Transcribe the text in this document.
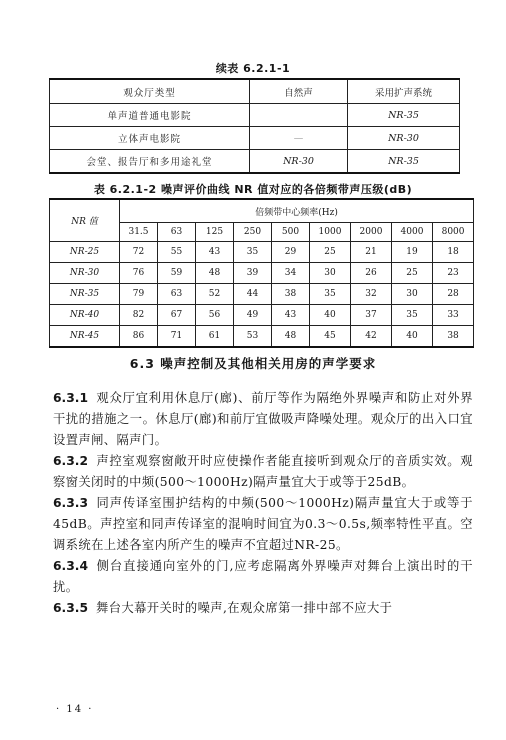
续表 6.2.1-1
观众厅类型	自然声	采用扩声系统
单声道普通电影院		NR-35
立体声电影院	—	NR-30
会堂、报告厅和多用途礼堂	NR-30	NR-35
表 6.2.1-2 噪声评价曲线 NR 值对应的各倍频带声压级(dB)
NR 值	倍频带中心频率(Hz)								
	31.5	63	125	250	500	1000	2000	4000	8000
NR-25	72	55	43	35	29	25	21	19	18
NR-30	76	59	48	39	34	30	26	25	23
NR-35	79	63	52	44	38	35	32	30	28
NR-40	82	67	56	49	43	40	37	35	33
NR-45	86	71	61	53	48	45	42	40	38
6.3 噪声控制及其他相关用房的声学要求

6.3.1 观众厅宜利用休息厅(廊)、前厅等作为隔绝外界噪声和防止对外界干扰的措施之一。休息厅(廊)和前厅宜做吸声降噪处理。观众厅的出入口宜设置声闸、隔声门。

6.3.2 声控室观察窗敞开时应使操作者能直接听到观众厅的音质实效。观察窗关闭时的中频(500～1000Hz)隔声量宜大于或等于25dB。

6.3.3 同声传译室围护结构的中频(500～1000Hz)隔声量宜大于或等于45dB。声控室和同声传译室的混响时间宜为0.3～0.5s,频率特性平直。空调系统在上述各室内所产生的噪声不宜超过NR-25。

6.3.4 侧台直接通向室外的门,应考虑隔离外界噪声对舞台上演出时的干扰。

6.3.5 舞台大幕开关时的噪声,在观众席第一排中部不应大于

· 14 ·
